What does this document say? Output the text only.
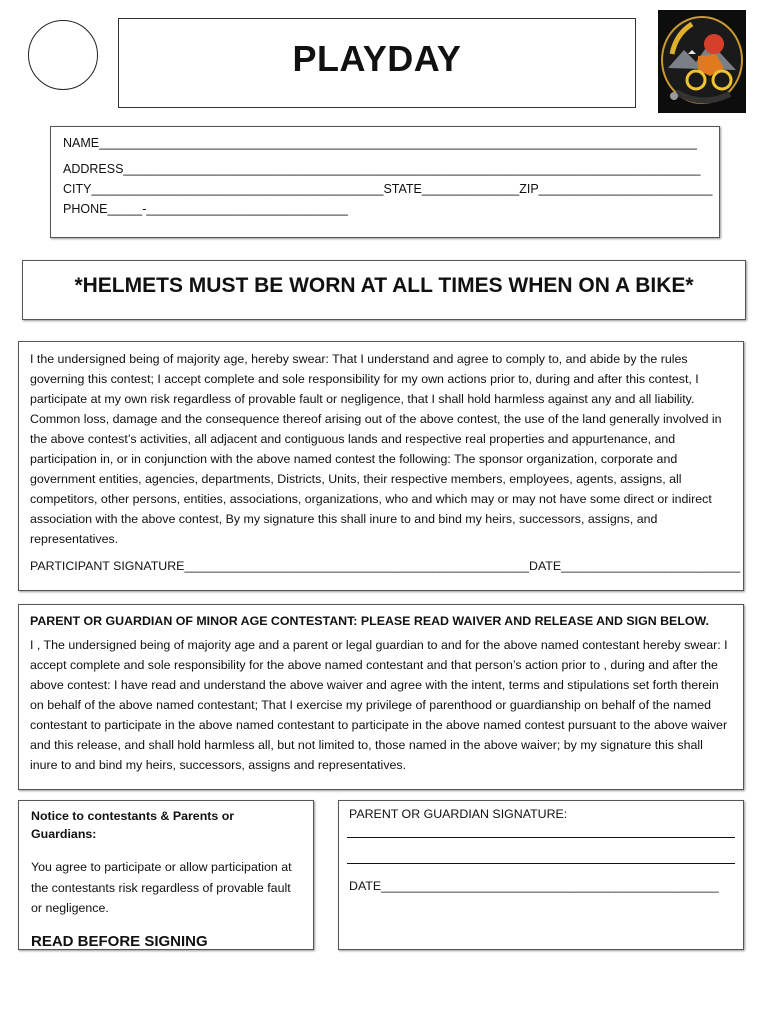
PLAYDAY
NAME______________________________________________________________________________________
ADDRESS___________________________________________________________________________________
CITY__________________________________________STATE______________ZIP_________________________
PHONE_____-_____________________________
*HELMETS MUST BE WORN AT ALL TIMES WHEN ON A BIKE*

I the undersigned being of majority age, hereby swear: That I understand and agree to comply to, and abide by the rules governing this contest; I accept complete and sole responsibility for my own actions prior to, during and after this contest, I participate at my own risk regardless of provable fault or negligence, that I shall hold harmless against any and all liability. Common loss, damage and the consequence thereof arising out of the above contest, the use of the land generally involved in the above contest’s activities, all adjacent and contiguous lands and respective real properties and appurtenance, and participation in, or in conjunction with the above named contest the following: The sponsor organization, corporate and government entities, agencies, departments, Districts, Units, their respective members, employees, agents, assigns, all competitors, other persons, entities, associations, organizations, who and which may or may not have some direct or indirect association with the above contest, By my signature this shall inure to and bind my heirs, successors, assigns, and representatives.

PARTICIPANT SIGNATURE__________________________________________________DATE__________________________
PARENT OR GUARDIAN OF MINOR AGE CONTESTANT: PLEASE READ WAIVER AND RELEASE AND SIGN BELOW.

I , The undersigned being of majority age and a parent or legal guardian to and for the above named contestant hereby swear: I accept complete and sole responsibility for the above named contestant and that person’s action prior to , during and after the above contest: I have read and understand the above waiver and agree with the intent, terms and stipulations set forth therein on behalf of the above named contestant; That I exercise my privilege of parenthood or guardianship on behalf of the named contestant to participate in the above named contestant to participate in the above named contest pursuant to the above waiver and this release, and shall hold harmless all, but not limited to, those named in the above waiver; by my signature this shall inure to and bind my heirs, successors, assigns and representatives.

Notice to contestants & Parents or Guardians:
You agree to participate or allow participation at the contestants risk regardless of provable fault or negligence.
READ BEFORE SIGNING
PARENT OR GUARDIAN SIGNATURE:
DATE_________________________________________________
